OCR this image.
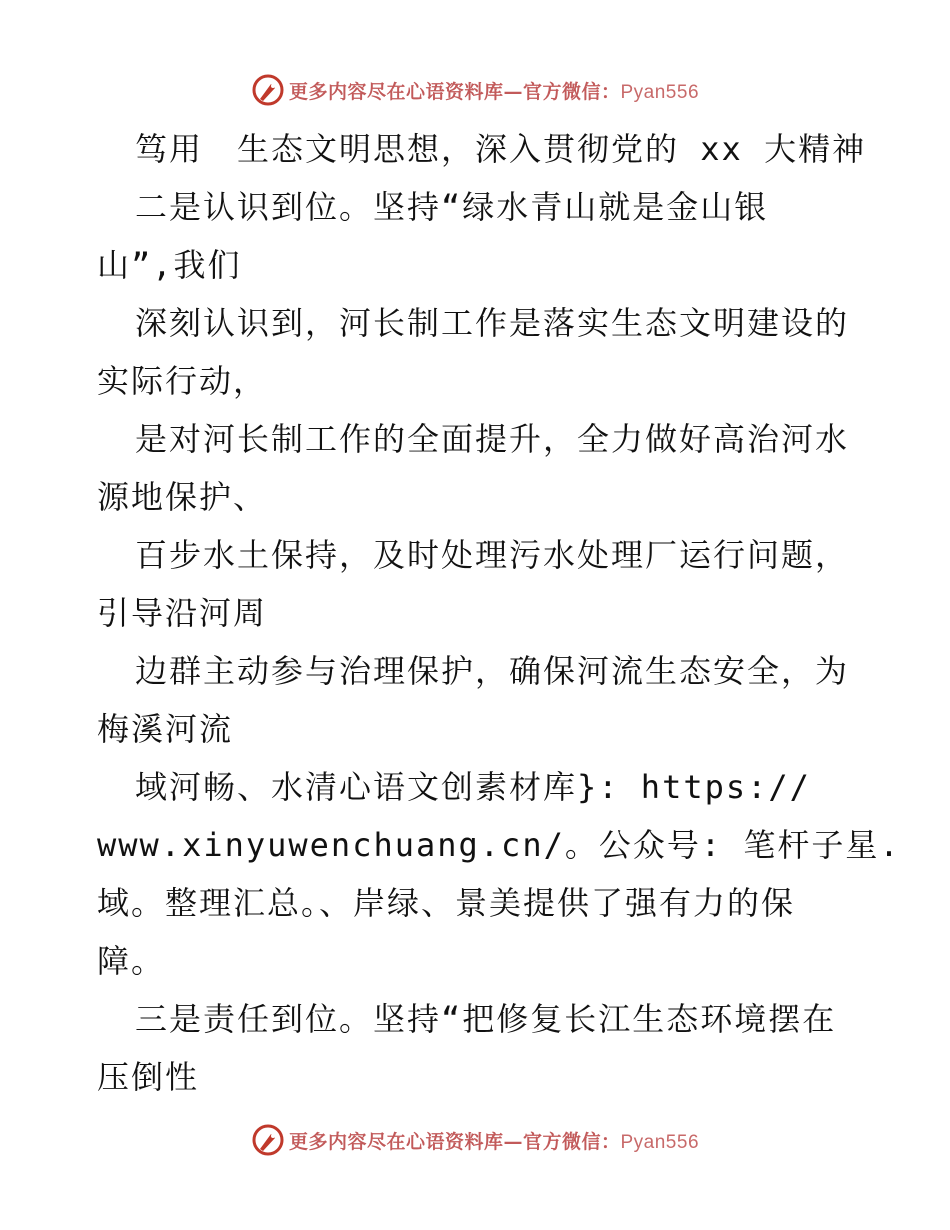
更多内容尽在心语资料库—官方微信：Pyan556
笃用　生态文明思想，深入贯彻党的 xx 大精神
二是认识到位。坚持“绿水青山就是金山银
山”,我们
深刻认识到，河长制工作是落实生态文明建设的
实际行动，
是对河长制工作的全面提升，全力做好高治河水
源地保护、
百步水土保持，及时处理污水处理厂运行问题，
引导沿河周
边群主动参与治理保护，确保河流生态安全，为
梅溪河流
域河畅、水清心语文创素材库}: https://
www.xinyuwenchuang.cn/。公众号: 笔杆子星.
域。整理汇总。、岸绿、景美提供了强有力的保
障。
三是责任到位。坚持“把修复长江生态环境摆在
压倒性
更多内容尽在心语资料库—官方微信：Pyan556
